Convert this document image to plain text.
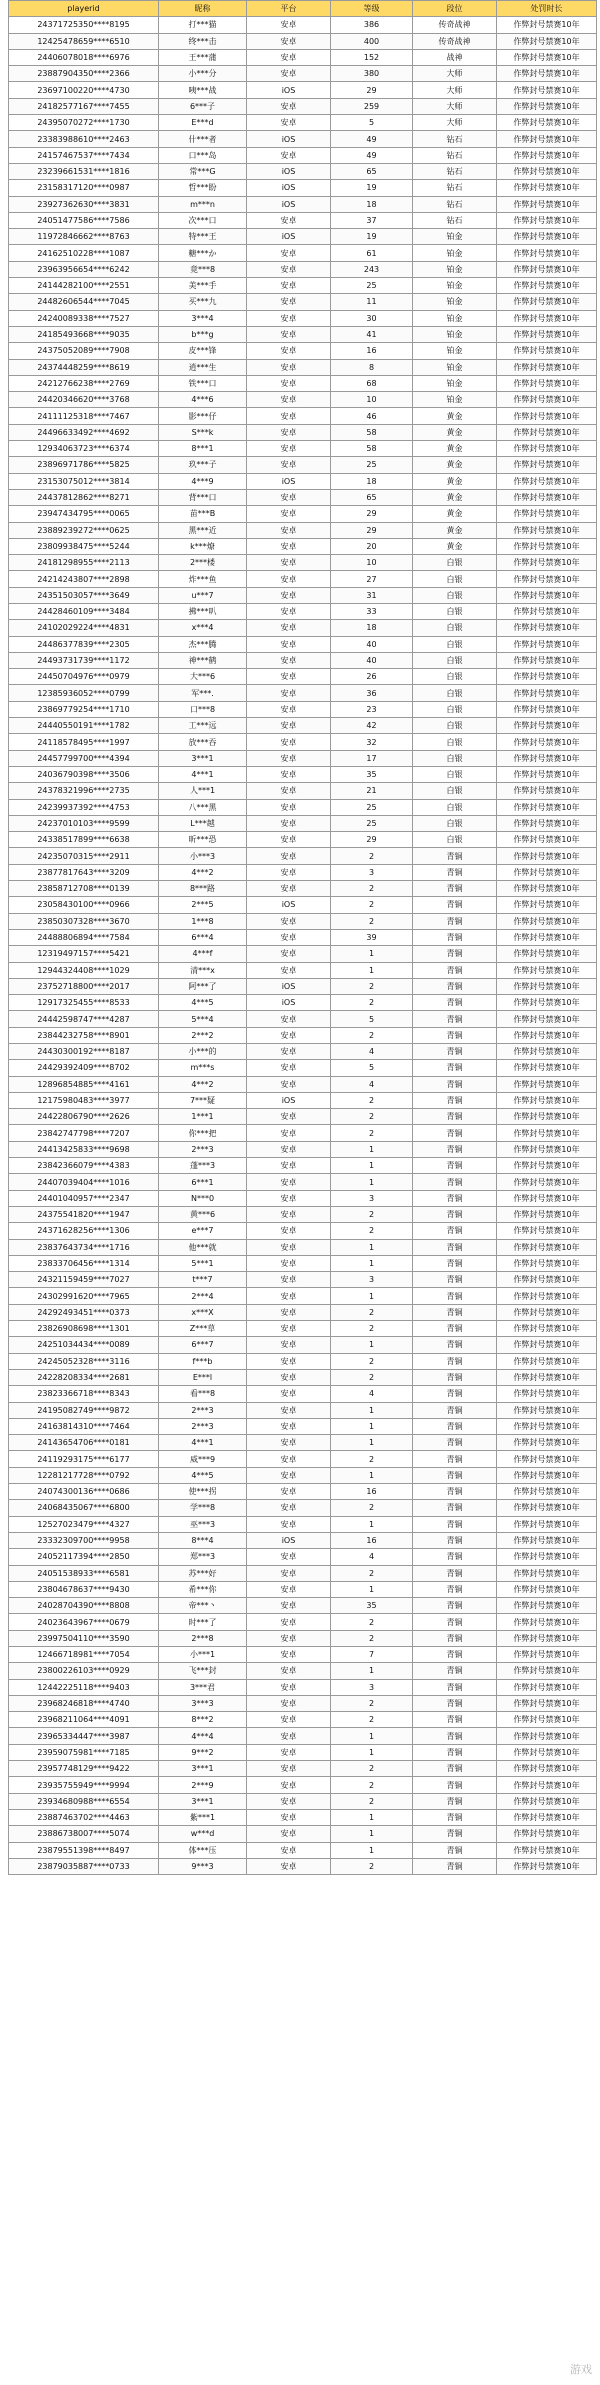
playerid	昵称	平台	等级	段位	处罚时长
24371725350****8195	打***猫	安卓	386	传奇战神	作弊封号禁赛10年
12425478659****6510	终***击	安卓	400	传奇战神	作弊封号禁赛10年
24406078018****6976	王***蒲	安卓	152	战神	作弊封号禁赛10年
23887904350****2366	小***分	安卓	380	大师	作弊封号禁赛10年
23697100220****4730	咦***战	iOS	29	大师	作弊封号禁赛10年
24182577167****7455	6***子	安卓	259	大师	作弊封号禁赛10年
24395070272****1730	E***d	安卓	5	大师	作弊封号禁赛10年
23383988610****2463	什***者	iOS	49	钻石	作弊封号禁赛10年
24157467537****7434	口***岛	安卓	49	钻石	作弊封号禁赛10年
23239661531****1816	常***G	iOS	65	钻石	作弊封号禁赛10年
23158317120****0987	哲***盼	iOS	19	钻石	作弊封号禁赛10年
23927362630****3831	m***n	iOS	18	钻石	作弊封号禁赛10年
24051477586****7586	次***口	安卓	37	钻石	作弊封号禁赛10年
11972846662****8763	特***王	iOS	19	铂金	作弊封号禁赛10年
24162510228****1087	糖***か	安卓	61	铂金	作弊封号禁赛10年
23963956654****6242	竟***8	安卓	243	铂金	作弊封号禁赛10年
24144282100****2551	美***手	安卓	25	铂金	作弊封号禁赛10年
24482606544****7045	买***九	安卓	11	铂金	作弊封号禁赛10年
24240089338****7527	3***4	安卓	30	铂金	作弊封号禁赛10年
24185493668****9035	b***g	安卓	41	铂金	作弊封号禁赛10年
24375052089****7908	皮***锋	安卓	16	铂金	作弊封号禁赛10年
24374448259****8619	逍***生	安卓	8	铂金	作弊封号禁赛10年
24212766238****2769	铁***口	安卓	68	铂金	作弊封号禁赛10年
24420346620****3768	4***6	安卓	10	铂金	作弊封号禁赛10年
24111125318****7467	影***仔	安卓	46	黄金	作弊封号禁赛10年
24496633492****4692	S***k	安卓	58	黄金	作弊封号禁赛10年
12934063723****6374	8***1	安卓	58	黄金	作弊封号禁赛10年
23896971786****5825	玖***子	安卓	25	黄金	作弊封号禁赛10年
23153075012****3814	4***9	iOS	18	黄金	作弊封号禁赛10年
24437812862****8271	背***口	安卓	65	黄金	作弊封号禁赛10年
23947434795****0065	苗***B	安卓	29	黄金	作弊封号禁赛10年
23889239272****0625	黑***近	安卓	29	黄金	作弊封号禁赛10年
23809938475****5244	k***燎	安卓	20	黄金	作弊封号禁赛10年
24181298955****2113	2***楼	安卓	10	白银	作弊封号禁赛10年
24214243807****2898	炸***鱼	安卓	27	白银	作弊封号禁赛10年
24351503057****3649	u***7	安卓	31	白银	作弊封号禁赛10年
24428460109****3484	拂***叭	安卓	33	白银	作弊封号禁赛10年
24102029224****4831	x***4	安卓	18	白银	作弊封号禁赛10年
24486377839****2305	杰***腾	安卓	40	白银	作弊封号禁赛10年
24493731739****1172	神***鹤	安卓	40	白银	作弊封号禁赛10年
24450704976****0979	大***6	安卓	26	白银	作弊封号禁赛10年
12385936052****0799	军***.	安卓	36	白银	作弊封号禁赛10年
23869779254****1710	口***8	安卓	23	白银	作弊封号禁赛10年
24440550191****1782	工***远	安卓	42	白银	作弊封号禁赛10年
24118578495****1997	放***吞	安卓	32	白银	作弊封号禁赛10年
24457799700****4394	3***1	安卓	17	白银	作弊封号禁赛10年
24036790398****3506	4***1	安卓	35	白银	作弊封号禁赛10年
24378321996****2735	人***1	安卓	21	白银	作弊封号禁赛10年
24239937392****4753	八***黑	安卓	25	白银	作弊封号禁赛10年
24237010103****9599	L***越	安卓	25	白银	作弊封号禁赛10年
24338517899****6638	昕***恐	安卓	29	白银	作弊封号禁赛10年
24235070315****2911	小***3	安卓	2	青铜	作弊封号禁赛10年
23877817643****3209	4***2	安卓	3	青铜	作弊封号禁赛10年
23858712708****0139	8***路	安卓	2	青铜	作弊封号禁赛10年
23058430100****0966	2***5	iOS	2	青铜	作弊封号禁赛10年
23850307328****3670	1***8	安卓	2	青铜	作弊封号禁赛10年
24488806894****7584	6***4	安卓	39	青铜	作弊封号禁赛10年
12319497157****5421	4***f	安卓	1	青铜	作弊封号禁赛10年
12944324408****1029	清***x	安卓	1	青铜	作弊封号禁赛10年
23752718800****2017	阿***了	iOS	2	青铜	作弊封号禁赛10年
12917325455****8533	4***5	iOS	2	青铜	作弊封号禁赛10年
24442598747****4287	5***4	安卓	5	青铜	作弊封号禁赛10年
23844232758****8901	2***2	安卓	2	青铜	作弊封号禁赛10年
24430300192****8187	小***的	安卓	4	青铜	作弊封号禁赛10年
24429392409****8702	m***s	安卓	5	青铜	作弊封号禁赛10年
12896854885****4161	4***2	安卓	4	青铜	作弊封号禁赛10年
12175980483****3977	7***疑	iOS	2	青铜	作弊封号禁赛10年
24422806790****2626	1***1	安卓	2	青铜	作弊封号禁赛10年
23842747798****7207	你***把	安卓	2	青铜	作弊封号禁赛10年
24413425833****9698	2***3	安卓	1	青铜	作弊封号禁赛10年
23842366079****4383	蓬***3	安卓	1	青铜	作弊封号禁赛10年
24407039404****1016	6***1	安卓	1	青铜	作弊封号禁赛10年
24401040957****2347	N***0	安卓	3	青铜	作弊封号禁赛10年
24375541820****1947	黄***6	安卓	2	青铜	作弊封号禁赛10年
24371628256****1306	e***7	安卓	2	青铜	作弊封号禁赛10年
23837643734****1716	他***就	安卓	1	青铜	作弊封号禁赛10年
23833706456****1314	5***1	安卓	1	青铜	作弊封号禁赛10年
24321159459****7027	t***7	安卓	3	青铜	作弊封号禁赛10年
24302991620****7965	2***4	安卓	1	青铜	作弊封号禁赛10年
24292493451****0373	x***X	安卓	2	青铜	作弊封号禁赛10年
23826908698****1301	Z***草	安卓	2	青铜	作弊封号禁赛10年
24251034434****0089	6***7	安卓	1	青铜	作弊封号禁赛10年
24245052328****3116	f***b	安卓	2	青铜	作弊封号禁赛10年
24228208334****2681	E***l	安卓	2	青铜	作弊封号禁赛10年
23823366718****8343	看***8	安卓	4	青铜	作弊封号禁赛10年
24195082749****9872	2***3	安卓	1	青铜	作弊封号禁赛10年
24163814310****7464	2***3	安卓	1	青铜	作弊封号禁赛10年
24143654706****0181	4***1	安卓	1	青铜	作弊封号禁赛10年
24119293175****6177	威***9	安卓	2	青铜	作弊封号禁赛10年
12281217728****0792	4***5	安卓	1	青铜	作弊封号禁赛10年
24074300136****0686	使***拐	安卓	16	青铜	作弊封号禁赛10年
24068435067****6800	学***8	安卓	2	青铜	作弊封号禁赛10年
12527023479****4327	巫***3	安卓	1	青铜	作弊封号禁赛10年
23332309700****9958	8***4	iOS	16	青铜	作弊封号禁赛10年
24052117394****2850	郑***3	安卓	4	青铜	作弊封号禁赛10年
24051538933****6581	苏***好	安卓	2	青铜	作弊封号禁赛10年
23804678637****9430	希***你	安卓	1	青铜	作弊封号禁赛10年
24028704390****8808	帝***丶	安卓	35	青铜	作弊封号禁赛10年
24023643967****0679	时***了	安卓	2	青铜	作弊封号禁赛10年
23997504110****3590	2***8	安卓	2	青铜	作弊封号禁赛10年
12466718981****7054	小***1	安卓	7	青铜	作弊封号禁赛10年
23800226103****0929	飞***封	安卓	1	青铜	作弊封号禁赛10年
12442225118****9403	3***君	安卓	3	青铜	作弊封号禁赛10年
23968246818****4740	3***3	安卓	2	青铜	作弊封号禁赛10年
23968211064****4091	8***2	安卓	2	青铜	作弊封号禁赛10年
23965334447****3987	4***4	安卓	1	青铜	作弊封号禁赛10年
23959075981****7185	9***2	安卓	1	青铜	作弊封号禁赛10年
23957748129****9422	3***1	安卓	2	青铜	作弊封号禁赛10年
23935755949****9994	2***9	安卓	2	青铜	作弊封号禁赛10年
23934680988****6554	3***1	安卓	2	青铜	作弊封号禁赛10年
23887463702****4463	紫***1	安卓	1	青铜	作弊封号禁赛10年
23886738007****5074	w***d	安卓	1	青铜	作弊封号禁赛10年
23879551398****8497	体***压	安卓	1	青铜	作弊封号禁赛10年
23879035887****0733	9***3	安卓	2	青铜	作弊封号禁赛10年
游戏
